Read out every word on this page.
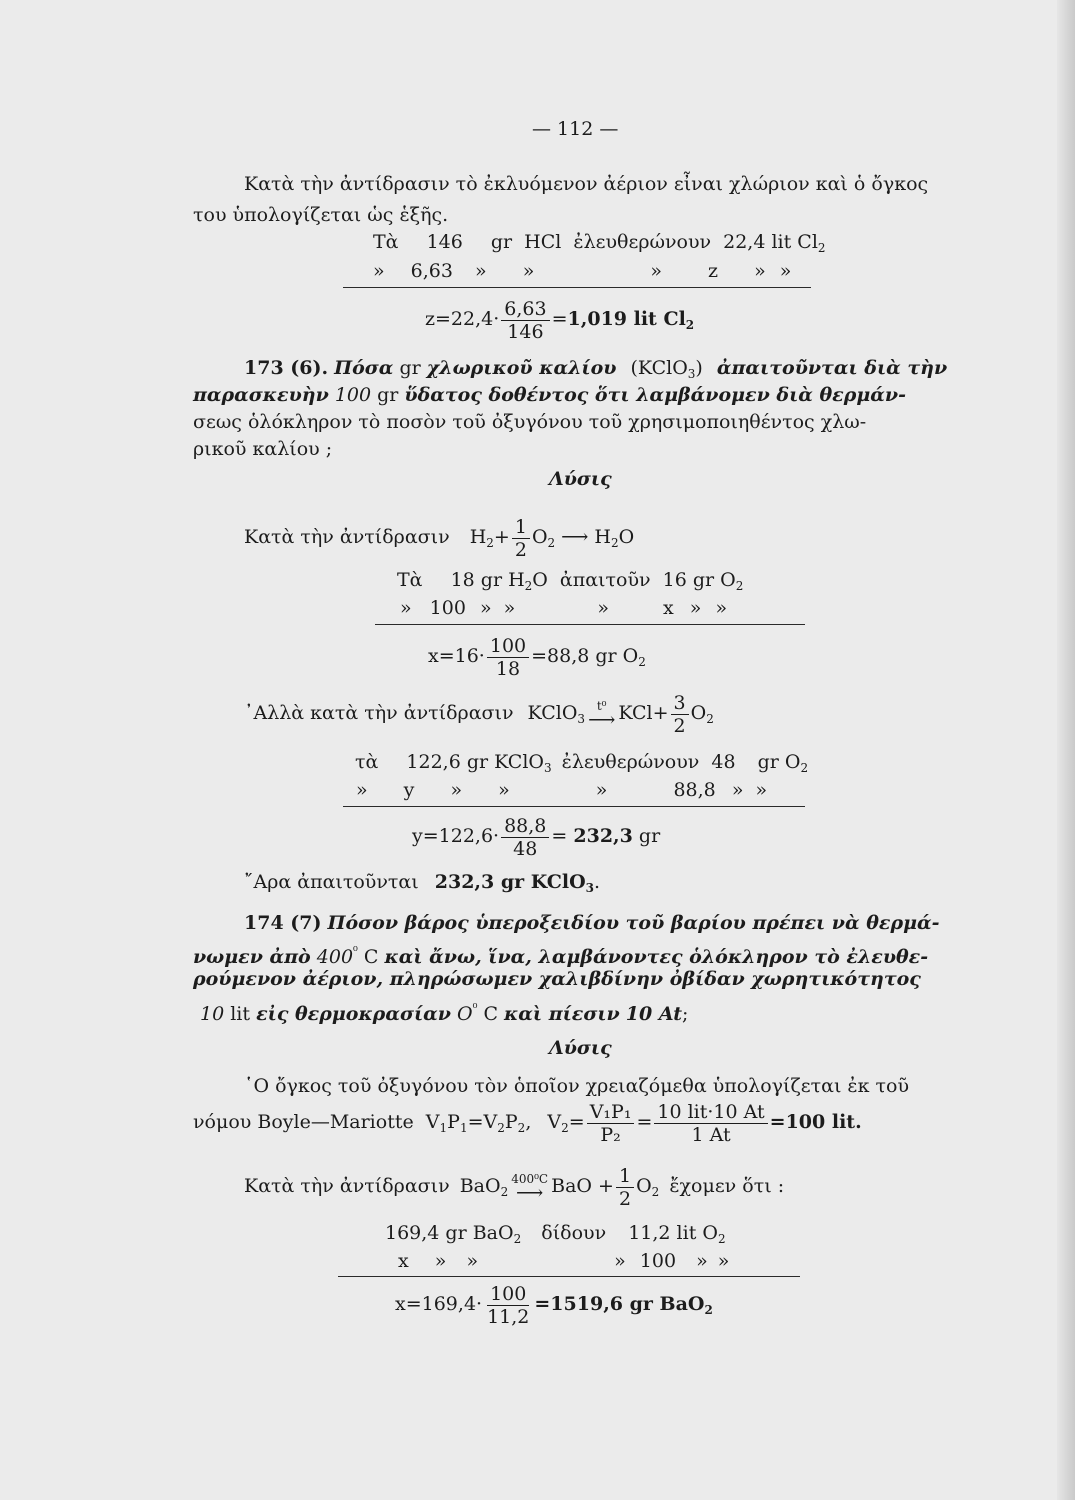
— 112 —
Κατὰ τὴν ἀντίδρασιν τὸ ἐκλυόμενον ἀέριον εἶναι χλώριον καὶ ὁ ὄγκος
του ὑπολογίζεται ὡς ἑξῆς.
Τὰ 146 gr HCl ἐλευθερώνουν 22,4 lit $Cl_2$
» 6,63 » »	» z » »
$z=22,4\cdot \frac{6,63}{146} =1,019$ lit $Cl_2$
173 (6). Πόσα gr χλωρικοῦ καλίου (KClO$_3$) ἀπαιτοῦνται διὰ τὴν
παρασκευὴν 100 gr ὕδατος δοθέντος ὅτι λαμβάνομεν διὰ θερμάν-
σεως ὁλόκληρον τὸ ποσὸν τοῦ ὀξυγόνου τοῦ χρησιμοποιηθέντος χλω-
ρικοῦ καλίου ;
Λύσις
Κατὰ τὴν ἀντίδρασιν $H_2+ \frac{1}{2} O_2$ ⟶ $H_2O$
Τὰ 18 gr $H_2O$ ἀπαιτοῦν 16 gr $O_2$
» 100 » »	»	x » »
$x=16\cdot \frac{100}{18} =88,8$ gr $O_2$
᾿Αλλὰ κατὰ τὴν ἀντίδρασιν KClO$_3$
t⁰
⟶ $KCl+ \frac{3}{2} O_2$
τὰ 122,6 gr KClO$_3$ ἐλευθερώνουν 48 gr $O_2$
» y » »	»	88,8 » »
$y=122,6\cdot \frac{88,8}{48} = 232,3$ gr
῎Αρα ἀπαιτοῦνται 232,3 gr KClO$_3$.
174 (7) Πόσον βάρος ὑπεροξειδίου τοῦ βαρίου πρέπει νὰ θερμά-
νωμεν ἀπὸ $400^{^0}$ C καὶ ἄνω, ἵνα, λαμβάνοντες ὁλόκληρον τὸ ἐλευθε-
ρούμενον ἀέριον, πληρώσωμεν χαλιβδίνην ὀβίδαν χωρητικότητος
10 lit εἰς θερμοκρασίαν $O^{^0}$ C καὶ πίεσιν 10 At;
Λύσις
῾Ο ὄγκος τοῦ ὀξυγόνου τὸν ὁποῖον χρειαζόμεθα ὑπολογίζεται ἐκ τοῦ
νόμου Boyle—Mariotte $V_1P_1=V_2P_2$, $V_2= \frac{\text{V₁P₁}}{\text{P₂}} = \frac{\text{10 lit·10 At}}{1 At} =100$ lit.
Κατὰ τὴν ἀντίδρασιν BaO$_2$
400⁰C
⟶ BaO + $\frac{1}{2} O_2$ ἔχομεν ὅτι :
169,4 gr BaO$_2$ δίδουν 11,2 lit $O_2$
x » »	» 100 » »
$x=169,4\cdot \frac{100}{11,2} =1519,6$ gr BaO$_2$
